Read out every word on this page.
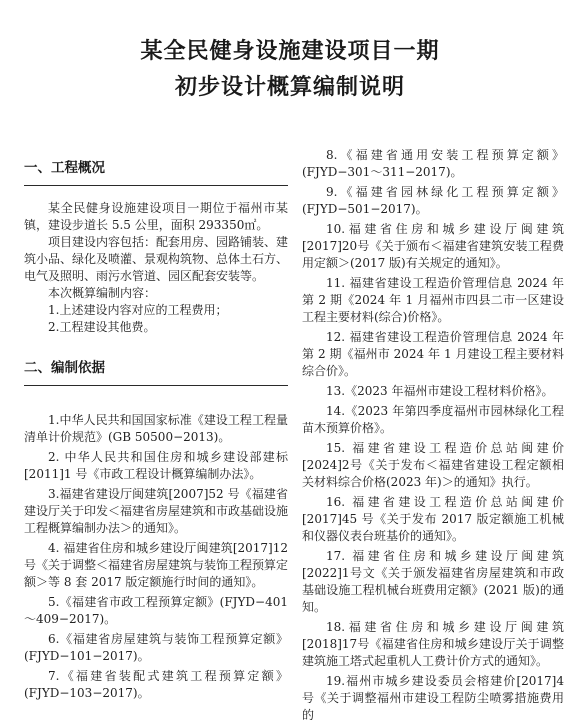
某全民健身设施建设项目一期
初步设计概算编制说明
一、工程概况

某全民健身设施建设项目一期位于福州市某镇，建设步道长 5.5 公里，面积 293350㎡。

项目建设内容包括：配套用房、园路铺装、建筑小品、绿化及喷灌、景观构筑物、总体土石方、电气及照明、雨污水管道、园区配套安装等。

本次概算编制内容：

1.上述建设内容对应的工程费用；

2.工程建设其他费。

二、编制依据

1.中华人民共和国国家标准《建设工程工程量清单计价规范》(GB 50500−2013)。

2. 中华人民共和国住房和城乡建设部建标[2011]1 号《市政工程设计概算编制办法》。

3.福建省建设厅闽建筑[2007]52 号《福建省建设厅关于印发＜福建省房屋建筑和市政基础设施工程概算编制办法＞的通知》。

4. 福建省住房和城乡建设厅闽建筑[2017]12号《关于调整＜福建省房屋建筑与装饰工程预算定额＞等 8 套 2017 版定额施行时间的通知》。

5.《福建省市政工程预算定额》(FJYD−401～409−2017)。

6.《福建省房屋建筑与装饰工程预算定额》(FJYD−101−2017)。

7.《福建省装配式建筑工程预算定额》(FJYD−103−2017)。

8.《福建省通用安装工程预算定额》(FJYD−301～311−2017)。

9.《福建省园林绿化工程预算定额》(FJYD−501−2017)。

10.福建省住房和城乡建设厅闽建筑[2017]20号《关于颁布＜福建省建筑安装工程费用定额＞(2017 版)有关规定的通知》。

11. 福建省建设工程造价管理信息 2024 年第 2 期《2024 年 1 月福州市四县二市一区建设工程主要材料(综合)价格》。

12. 福建省建设工程造价管理信息 2024 年第 2 期《福州市 2024 年 1 月建设工程主要材料综合价》。

13.《2023 年福州市建设工程材料价格》。

14.《2023 年第四季度福州市园林绿化工程苗木预算价格》。

15. 福建省建设工程造价总站闽建价[2024]2号《关于发布＜福建省建设工程定额相关材料综合价格(2023 年)＞的通知》执行。

16. 福建省建设工程造价总站闽建价[2017]45 号《关于发布 2017 版定额施工机械和仪器仪表台班基价的通知》。

17. 福建省住房和城乡建设厅闽建筑[2022]1号文《关于颁发福建省房屋建筑和市政基础设施工程机械台班费用定额》(2021 版)的通知。

18.福建省住房和城乡建设厅闽建筑[2018]17号《福建省住房和城乡建设厅关于调整建筑施工塔式起重机人工费计价方式的通知》。

19.福州市城乡建设委员会榕建价[2017]4 号《关于调整福州市建设工程防尘喷雾措施费用的
